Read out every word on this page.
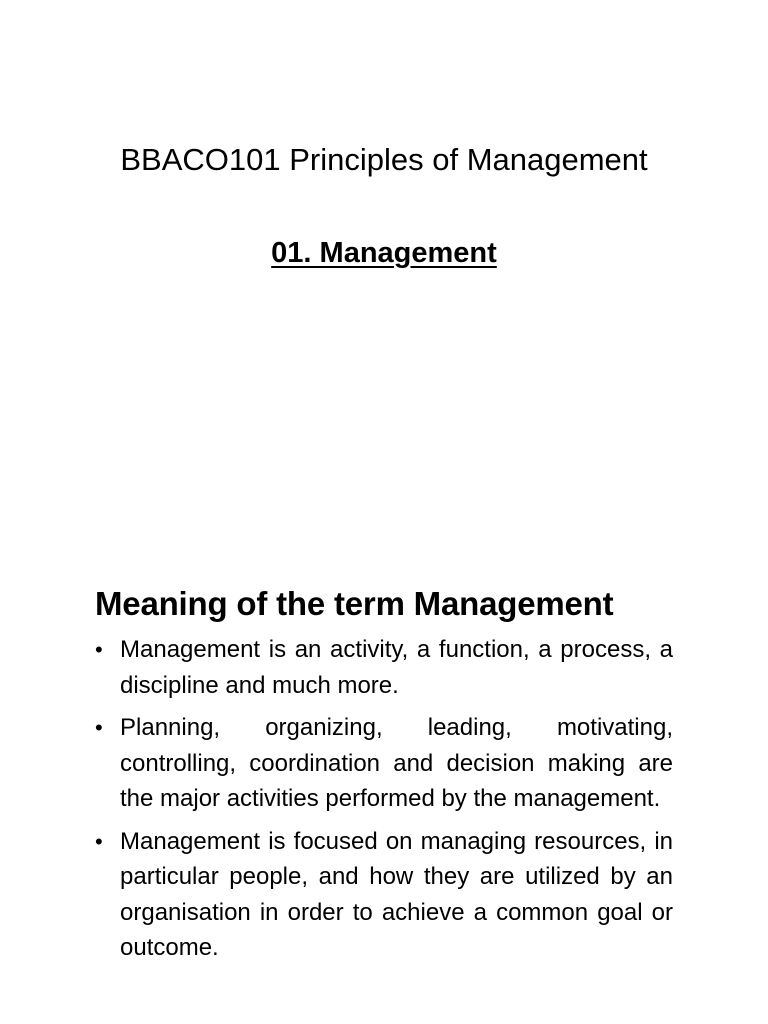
BBACO101 Principles of Management
01. Management
Meaning of the term Management
• Management is an activity, a function, a process, a discipline and much more.
• Planning, organizing, leading, motivating, controlling, coordination and decision making are the major activities performed by the management.
• Management is focused on managing resources, in particular people, and how they are utilized by an organisation in order to achieve a common goal or outcome.
